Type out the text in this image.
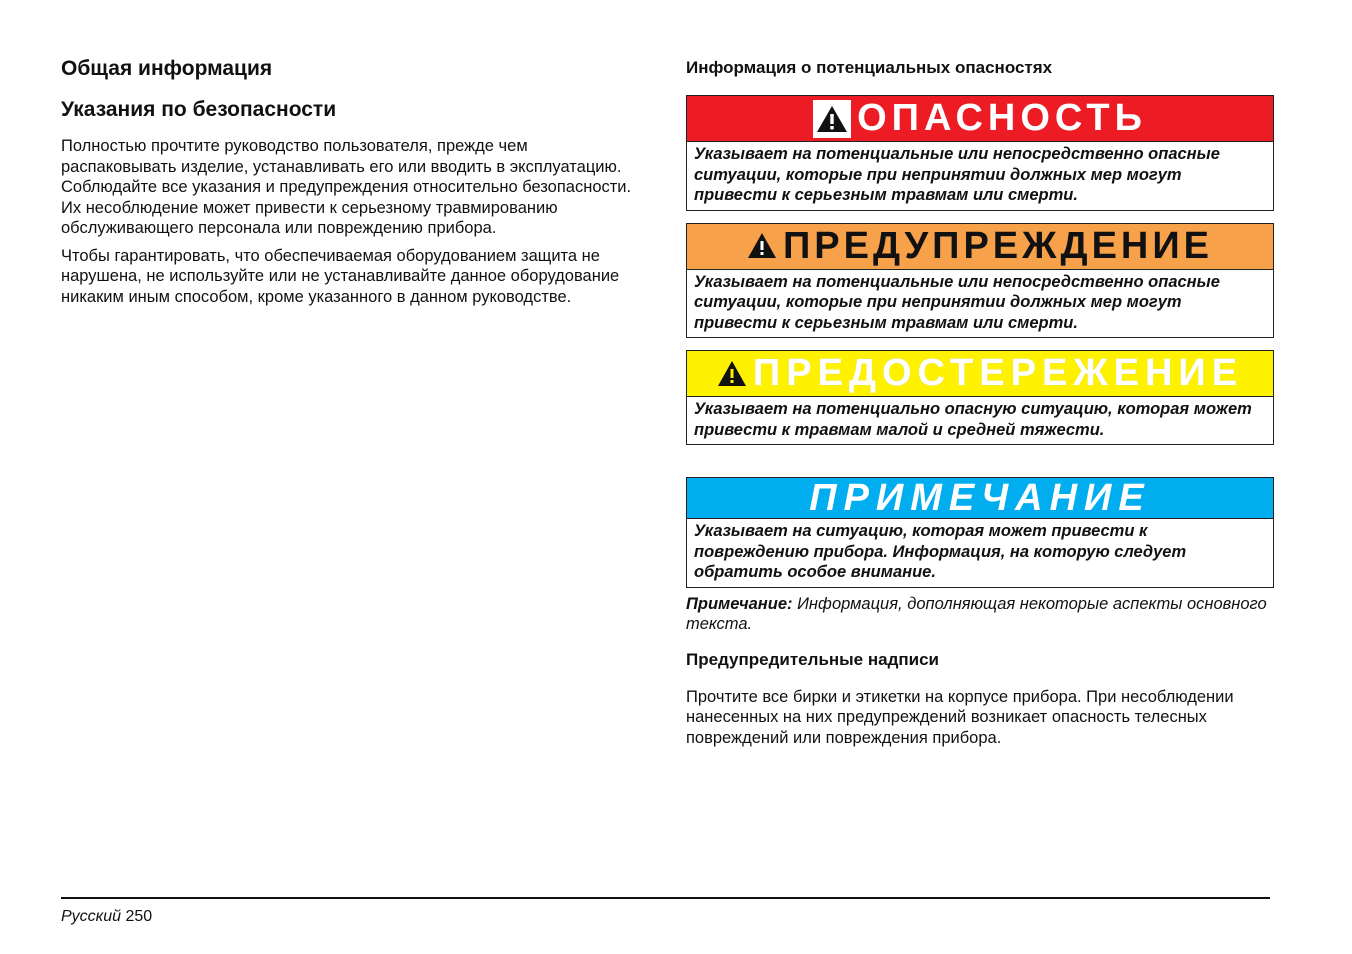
Общая информация
Указания по безопасности

Полностью прочтите руководство пользователя, прежде чем распаковывать изделие, устанавливать его или вводить в эксплуатацию. Соблюдайте все указания и предупреждения относительно безопасности. Их несоблюдение может привести к серьезному травмированию обслуживающего персонала или повреждению прибора.

Чтобы гарантировать, что обеспечиваемая оборудованием защита не нарушена, не используйте или не устанавливайте данное оборудование никаким иным способом, кроме указанного в данном руководстве.

Информация о потенциальных опасностях
ОПАСНОСТЬ
Указывает на потенциальные или непосредственно опасные ситуации, которые при непринятии должных мер могут привести к серьезным травмам или смерти.
ПРЕДУПРЕЖДЕНИЕ
Указывает на потенциальные или непосредственно опасные ситуации, которые при непринятии должных мер могут привести к серьезным травмам или смерти.
ПРЕДОСТЕРЕЖЕНИЕ
Указывает на потенциально опасную ситуацию, которая может привести к травмам малой и средней тяжести.
ПРИМЕЧАНИЕ
Указывает на ситуацию, которая может привести к повреждению прибора. Информация, на которую следует обратить особое внимание.

Примечание: Информация, дополняющая некоторые аспекты основного текста.

Предупредительные надписи

Прочтите все бирки и этикетки на корпусе прибора. При несоблюдении нанесенных на них предупреждений возникает опасность телесных повреждений или повреждения прибора.

Русский 250
